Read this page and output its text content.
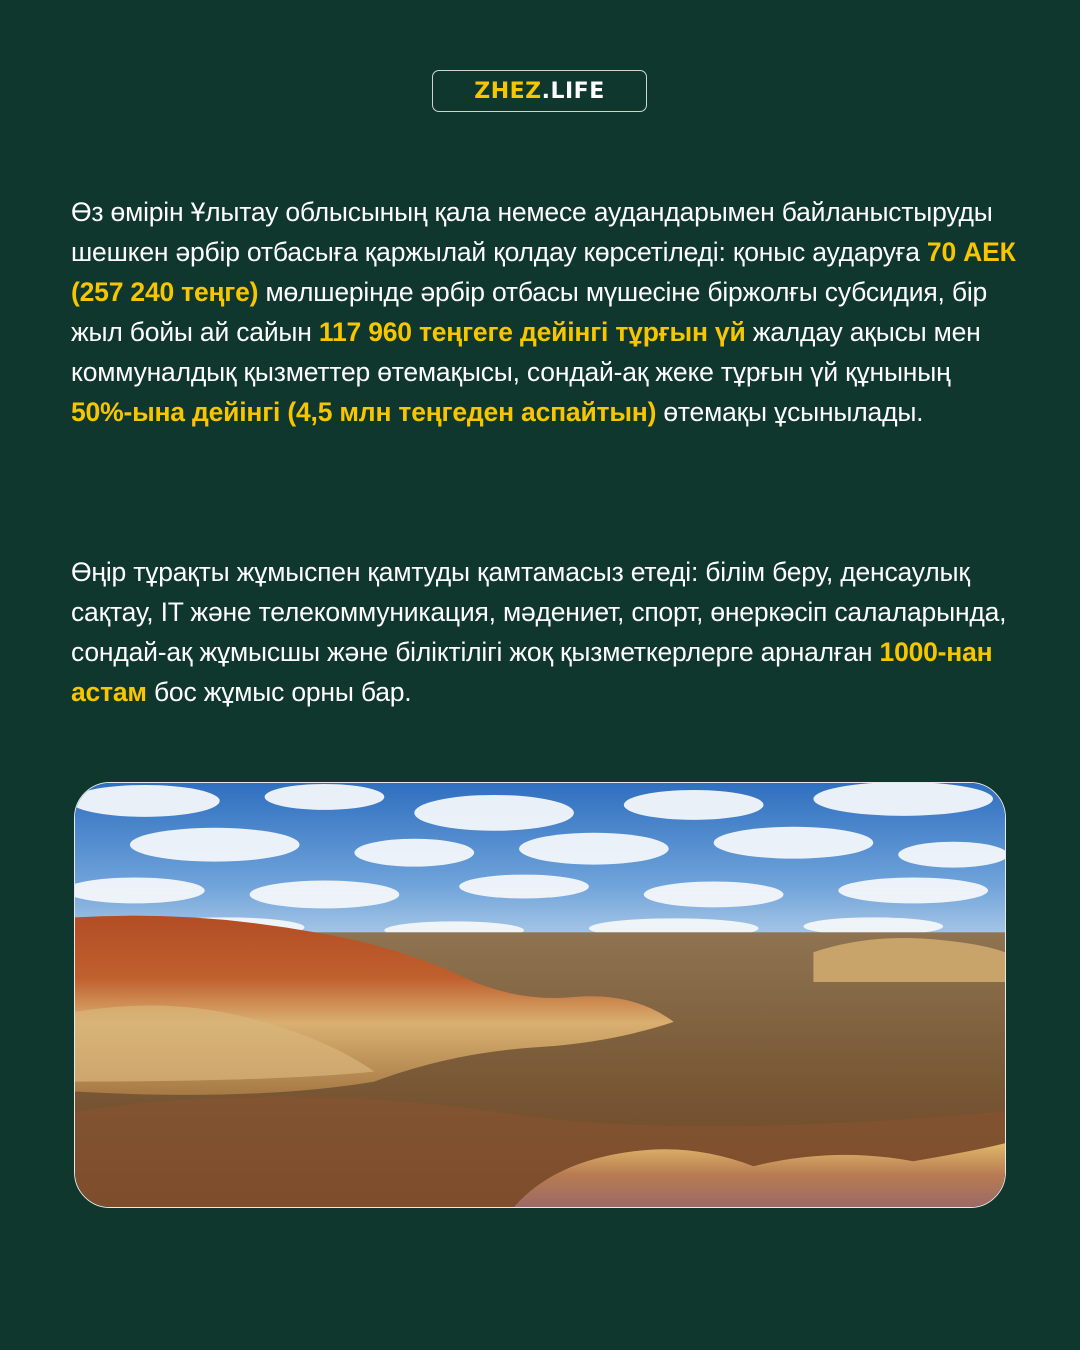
ZHEZ . LIFE
Өз өмірін Ұлытау облысының қала немесе аудандарымен байланыстыруды шешкен әрбір отбасыға қаржылай қолдау көрсетіледі: қоныс аударуға 70 АЕК (257 240 теңге) мөлшерінде әрбір отбасы мүшесіне біржолғы субсидия, бір жыл бойы ай сайын 117 960 теңгеге дейінгі тұрғын үй жалдау ақысы мен коммуналдық қызметтер өтемақысы, сондай-ақ жеке тұрғын үй құнының 50%-ына дейінгі (4,5 млн теңгеден аспайтын) өтемақы ұсынылады.
Өңір тұрақты жұмыспен қамтуды қамтамасыз етеді: білім беру, денсаулық сақтау, IT және телекоммуникация, мәдениет, спорт, өнеркәсіп салаларында, сондай-ақ жұмысшы және біліктілігі жоқ қызметкерлерге арналған 1000-нан астам бос жұмыс орны бар.
